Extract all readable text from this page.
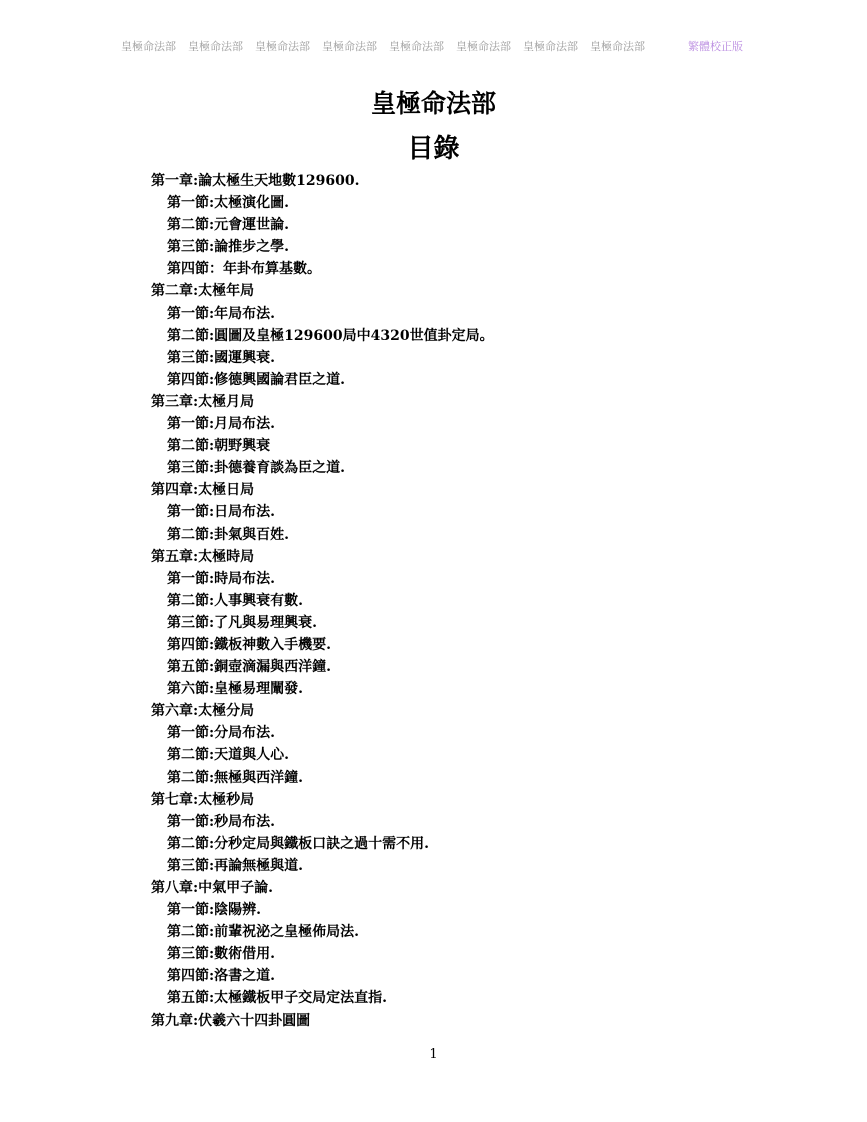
皇極命法部 皇極命法部 皇極命法部 皇極命法部 皇極命法部 皇極命法部 皇極命法部 皇極命法部	繁體校正版
皇極命法部
目錄
第一章:論太極生天地數129600.
第一節:太極演化圖.
第二節:元會運世論.
第三節:論推步之學.
第四節：年卦布算基數。
第二章:太極年局
第一節:年局布法.
第二節:圓圖及皇極129600局中4320世值卦定局。
第三節:國運興衰.
第四節:修德興國論君臣之道.
第三章:太極月局
第一節:月局布法.
第二節:朝野興衰
第三節:卦德養育談為臣之道.
第四章:太極日局
第一節:日局布法.
第二節:卦氣與百姓.
第五章:太極時局
第一節:時局布法.
第二節:人事興衰有數.
第三節:了凡與易理興衰.
第四節:鐵板神數入手機要.
第五節:銅壺滴漏與西洋鐘.
第六節:皇極易理闡發.
第六章:太極分局
第一節:分局布法.
第二節:天道與人心.
第二節:無極與西洋鐘.
第七章:太極秒局
第一節:秒局布法.
第二節:分秒定局與鐵板口訣之過十需不用.
第三節:再論無極與道.
第八章:中氣甲子論.
第一節:陰陽辨.
第二節:前輩祝泌之皇極佈局法.
第三節:數術借用.
第四節:洛書之道.
第五節:太極鐵板甲子交局定法直指.
第九章:伏羲六十四卦圓圖
1
